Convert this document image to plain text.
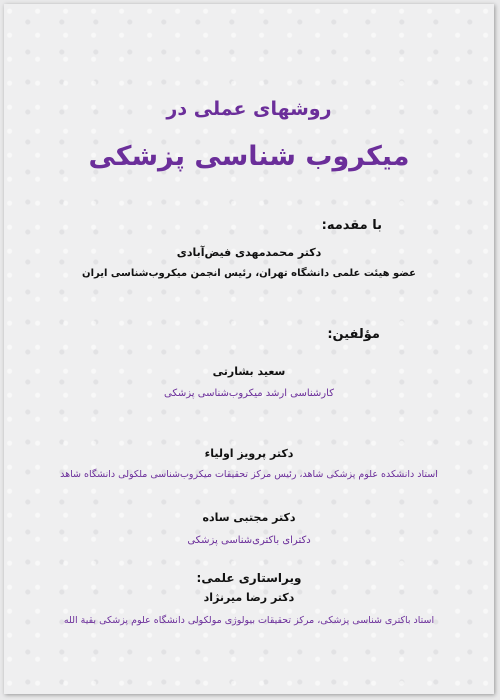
روشهای عملی در
میکروب شناسی پزشکی
با مقدمه:
دکتر محمدمهدی فیض‌آبادی
عضو هیئت علمی دانشگاه تهران، رئیس انجمن میکروب‌شناسی ایران
مؤلفین:
سعید بشارتی
کارشناسی ارشد میکروب‌شناسی پزشکی
دکتر پرویز اولیاء
استاد دانشکده علوم پزشکی شاهد، رئیس مرکز تحقیقات میکروب‌شناسی ملکولی دانشگاه شاهد
دکتر مجتبی ساده
دکترای باکتری‌شناسی پزشکی
ویراستاری علمی:
دکتر رضا میرنژاد
استاد باکتری شناسی پزشکی، مرکز تحقیقات بیولوژی مولکولی دانشگاه علوم پزشکی بقیة الله
